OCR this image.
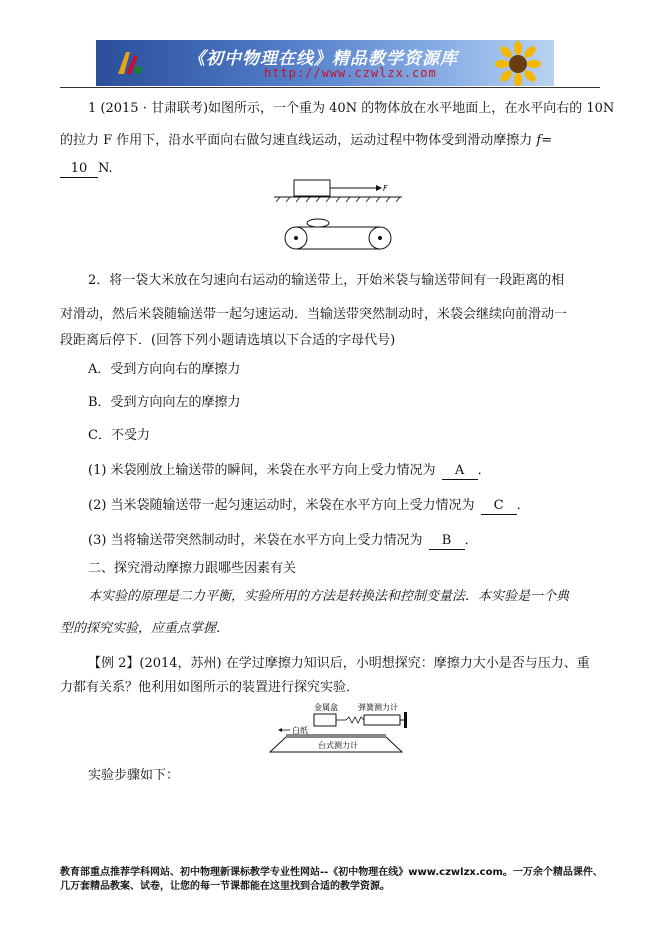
《初中物理在线》精品教学资源库
http://www.czwlzx.com
1 (2015 · 甘肃联考)如图所示，一个重为 40N 的物体放在水平地面上，在水平向右的 10N
的拉力 F 作用下，沿水平面向右做匀速直线运动，运动过程中物体受到滑动摩擦力 f=
10 N.
F
2．将一袋大米放在匀速向右运动的输送带上，开始米袋与输送带间有一段距离的相
对滑动，然后米袋随输送带一起匀速运动．当输送带突然制动时，米袋会继续向前滑动一
段距离后停下．(回答下列小题请选填以下合适的字母代号)
A．受到方向向右的摩擦力
B．受到方向向左的摩擦力
C．不受力
(1) 米袋刚放上输送带的瞬间，米袋在水平方向上受力情况为 A ．
(2) 当米袋随输送带一起匀速运动时，米袋在水平方向上受力情况为 C ．
(3) 当将输送带突然制动时，米袋在水平方向上受力情况为 B ．
二、探究滑动摩擦力跟哪些因素有关
本实验的原理是二力平衡，实验所用的方法是转换法和控制变量法．本实验是一个典
型的探究实验，应重点掌握．
【例 2】(2014，苏州) 在学过摩擦力知识后，小明想探究：摩擦力大小是否与压力、重
力都有关系？他利用如图所示的装置进行探究实验．
金属盒	弹簧测力计
白纸
台式测力计
实验步骤如下：
教育部重点推荐学科网站、初中物理新课标教学专业性网站--《初中物理在线》www.czwlzx.com。一万余个精品课件、
几万套精品教案、试卷，让您的每一节课都能在这里找到合适的教学资源。
